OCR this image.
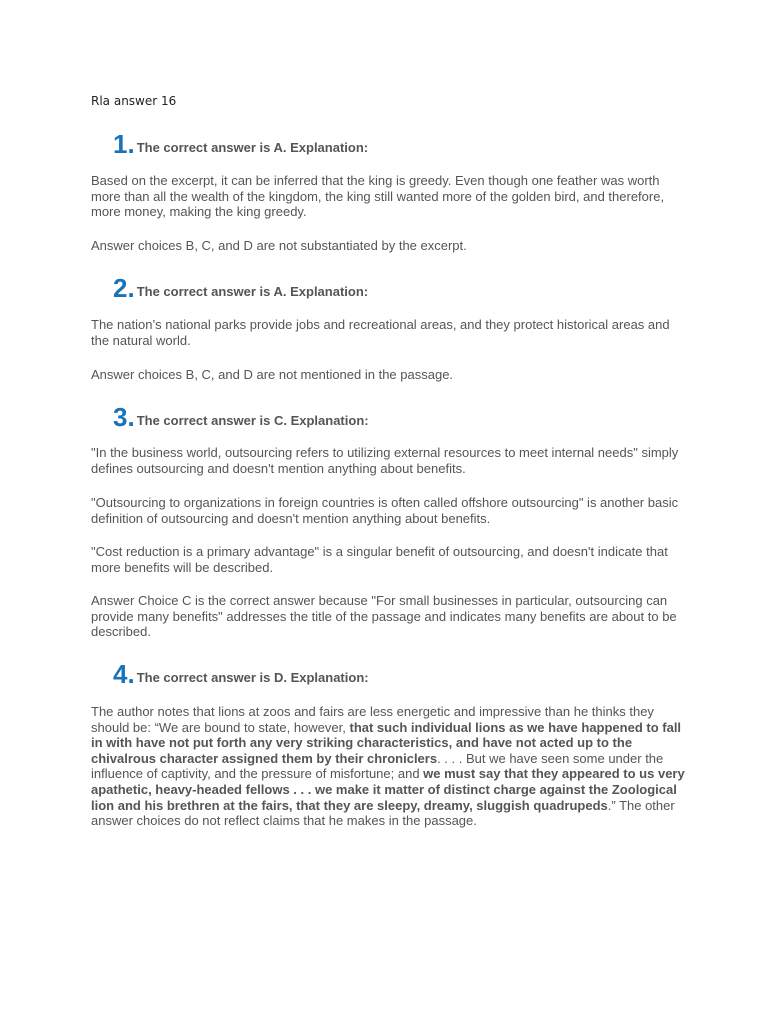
Rla answer 16
1. The correct answer is A. Explanation:

Based on the excerpt, it can be inferred that the king is greedy. Even though one feather was worth more than all the wealth of the kingdom, the king still wanted more of the golden bird, and therefore, more money, making the king greedy.

Answer choices B, C, and D are not substantiated by the excerpt.

2. The correct answer is A. Explanation:

The nation’s national parks provide jobs and recreational areas, and they protect historical areas and the natural world.

Answer choices B, C, and D are not mentioned in the passage.

3. The correct answer is C. Explanation:

"In the business world, outsourcing refers to utilizing external resources to meet internal needs" simply defines outsourcing and doesn't mention anything about benefits.

"Outsourcing to organizations in foreign countries is often called offshore outsourcing" is another basic definition of outsourcing and doesn't mention anything about benefits.

"Cost reduction is a primary advantage" is a singular benefit of outsourcing, and doesn't indicate that more benefits will be described.

Answer Choice C is the correct answer because "For small businesses in particular, outsourcing can provide many benefits" addresses the title of the passage and indicates many benefits are about to be described.

4. The correct answer is D. Explanation:

The author notes that lions at zoos and fairs are less energetic and impressive than he thinks they should be: “We are bound to state, however, that such individual lions as we have happened to fall in with have not put forth any very striking characteristics, and have not acted up to the chivalrous character assigned them by their chroniclers. . . . But we have seen some under the influence of captivity, and the pressure of misfortune; and we must say that they appeared to us very apathetic, heavy-headed fellows . . . we make it matter of distinct charge against the Zoological lion and his brethren at the fairs, that they are sleepy, dreamy, sluggish quadrupeds.” The other answer choices do not reflect claims that he makes in the passage.
